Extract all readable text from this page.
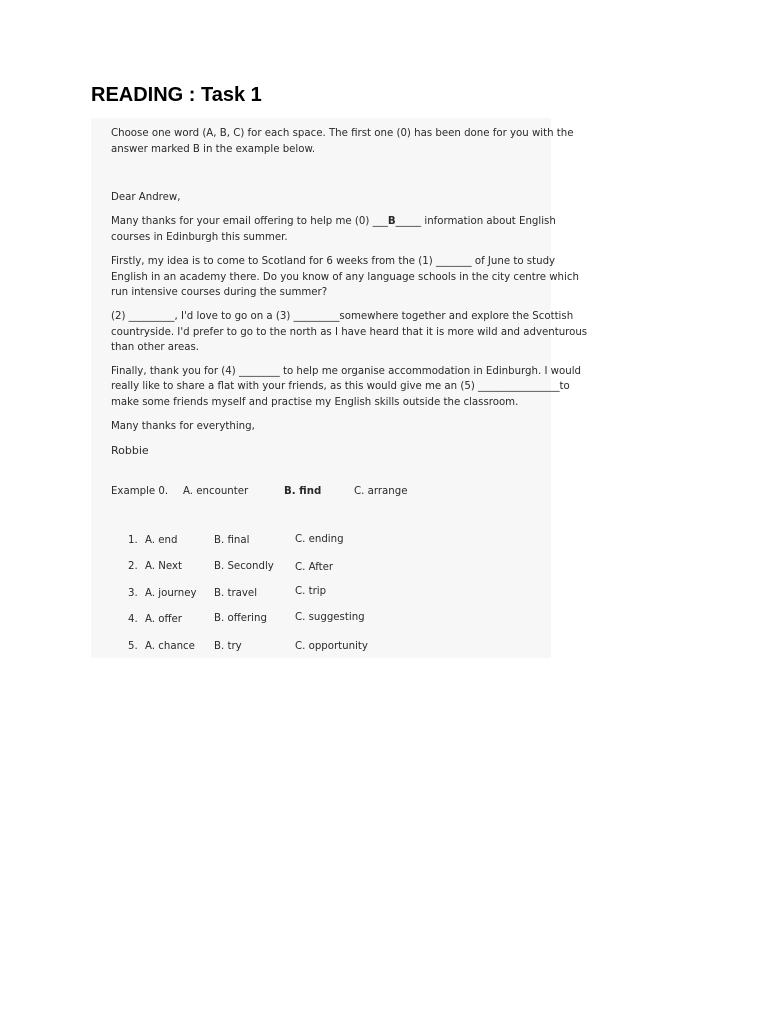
READING : Task 1
Choose one word (A, B, C) for each space. The first one (0) has been done for you with the
answer marked B in the example below.
Dear Andrew,
Many thanks for your email offering to help me (0) ___B_____ information about English
courses in Edinburgh this summer.
Firstly, my idea is to come to Scotland for 6 weeks from the (1) _______ of June to study
English in an academy there. Do you know of any language schools in the city centre which
run intensive courses during the summer?
(2) _________, I'd love to go on a (3) _________somewhere together and explore the Scottish
countryside. I'd prefer to go to the north as I have heard that it is more wild and adventurous
than other areas.
Finally, thank you for (4) ________ to help me organise accommodation in Edinburgh. I would
really like to share a flat with your friends, as this would give me an (5) ________________to
make some friends myself and practise my English skills outside the classroom.
Many thanks for everything,
Robbie
Example 0. A. encounter	B. find	C. arrange
1. A. end	B. final	C. ending
2. A. Next	B. Secondly C. After
3. A. journey B. travel	C. trip
4. A. offer	B. offering	C. suggesting
5. A. chance B. try	C. opportunity
